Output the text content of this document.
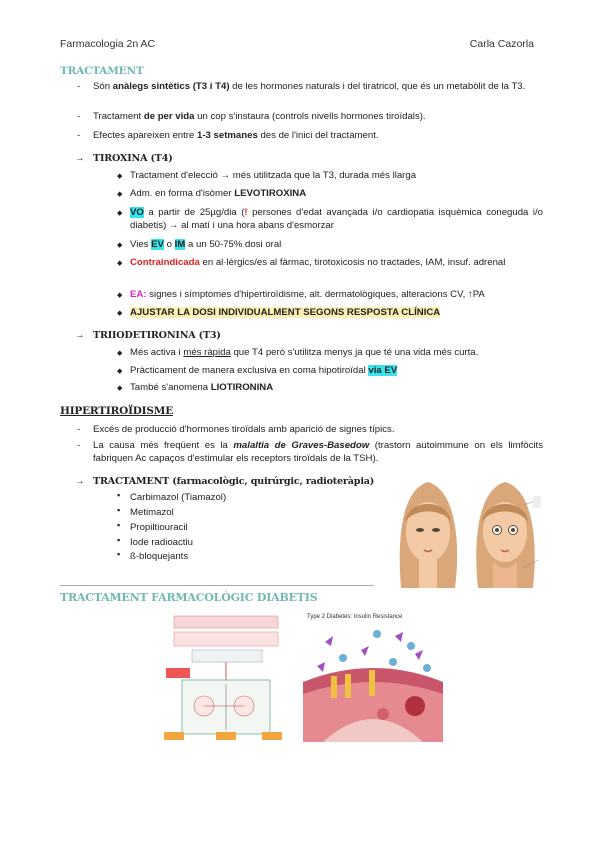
Farmacologia 2n AC	Carla Cazorla
TRACTAMENT
- Són anàlegs sintètics (T3 i T4) de les hormones naturals i del tiratricol, que és un metabòlit de la T3.
- Tractament de per vida un cop s'instaura (controls nivells hormones tiroïdals).
- Efectes apareixen entre 1-3 setmanes des de l'inici del tractament.
→ TIROXINA (T4)
◆ Tractament d'elecció → més utilitzada que la T3, durada més llarga
◆ Adm. en forma d'isòmer LEVOTIROXINA
◆ VO a partir de 25µg/dia (! persones d'edat avançada i/o cardiopatia isquèmica coneguda i/o diabetis) → al matí i una hora abans d'esmorzar
◆ Vies EV o IM a un 50-75% dosi oral
◆ Contraindicada en al·lèrgics/es al fàrmac, tirotoxicosis no tractades, IAM, insuf. adrenal
◆ EA: signes i símptomes d'hipertiroïdisme, alt. dermatològiques, alteracions CV, ↑PA
◆ AJUSTAR LA DOSI INDIVIDUALMENT SEGONS RESPOSTA CLÍNICA
→ TRIIODETIRONINA (T3)
◆ Més activa i més ràpida que T4 però s'utilitza menys ja que té una vida més curta.
◆ Pràcticament de manera exclusiva en coma hipotiroïdal via EV
◆ També s'anomena LIOTIRONINA
HIPERTIROÏDISME
- Excés de producció d'hormones tiroïdals amb aparició de signes típics.
- La causa més freqüent es la malaltia de Graves-Basedow (trastorn autoimmune on els limfòcits fabriquen Ac capaços d'estimular els receptors tiroïdals de la TSH).
→ TRACTAMENT (farmacològic, quirúrgic, radioteràpia)
▪ Carbimazol (Tiamazol)
▪ Metimazol
▪ Propiltiouracil
▪ Iode radioactiu
▪ ß-bloquejants
TRACTAMENT FARMACOLÒGIC DIABETIS
Type 2 Diabetes: Insulin Resistance
